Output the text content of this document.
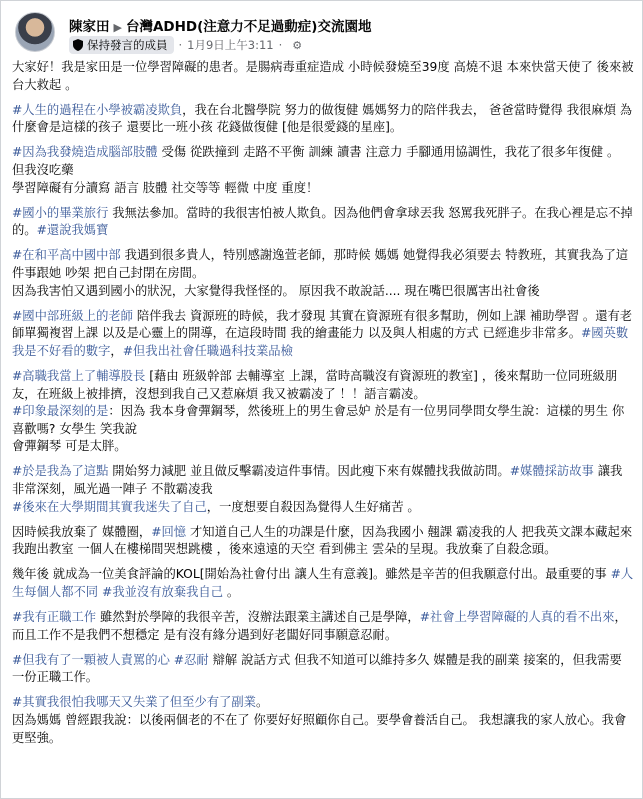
陳家田 ▶ 台灣ADHD(注意力不足過動症)交流園地
保持發言的成員 · 1月9日上午3:11 · ⚙

大家好！我是家田是一位學習障礙的患者。是腸病毒重症造成 小時候發燒至39度 高燒不退 本來快當天使了 後來被 台大救起 。

#人生的過程在小學被霸凌欺負，我在台北醫學院 努力的做復健 媽媽努力的陪伴我去， 爸爸當時覺得 我很麻煩 為什麼會是這樣的孩子 還要比一班小孩 花錢做復健 [他是很愛錢的星座]。

#因為我發燒造成腦部肢體 受傷 從跌撞到 走路不平衡 訓練 讀書 注意力 手腳通用協調性，我花了很多年復健 。 但我沒吃藥
學習障礙有分讀寫 語言 肢體 社交等等 輕微 中度 重度！

#國小的畢業旅行 我無法參加。當時的我很害怕被人欺負。因為他們會拿球丟我 怒罵我死胖子。在我心裡是忘不掉的。#還說我媽寶

#在和平高中國中部 我遇到很多貴人，特別感謝逸萱老師，那時候 媽媽 她覺得我必須要去 特教班，其實我為了這件事跟她 吵架 把自己封閉在房間。
因為我害怕又遇到國小的狀況，大家覺得我怪怪的。 原因我不敢說話.... 現在嘴巴很厲害出社會後

#國中部班級上的老師 陪伴我去 資源班的時候，我才發現 其實在資源班有很多幫助，例如上課 補助學習 。還有老師單獨複習上課 以及是心靈上的開導，在這段時間 我的繪畫能力 以及與人相處的方式 已經進步非常多。#國英數我是不好看的數字，#但我出社會任職過科技業品檢

#高職我當上了輔導股長 [藉由 班級幹部 去輔導室 上課，當時高職沒有資源班的教室] ，後來幫助一位同班級朋友，在班級上被排擠，沒想到我自己又惹麻煩 我又被霸凌了 ！！語言霸凌。
#印象最深刻的是：因為 我本身會彈鋼琴，然後班上的男生會忌妒 於是有一位男同學問女學生說：這樣的男生 你喜歡嗎? 女學生 笑我說
會彈鋼琴 可是太胖。

#於是我為了這點 開始努力減肥 並且做反擊霸凌這件事情。因此瘦下來有媒體找我做訪問。#媒體採訪故事 讓我非常深刻，風光過一陣子 不散霸凌我
#後來在大學期間其實我迷失了自己，一度想要自殺因為覺得人生好痛苦 。

因時候我放棄了 媒體圈，#回憶 才知道自己人生的功課是什麼，因為我國小 翹課 霸凌我的人 把我英文課本藏起來 我跑出教室 一個人在樓梯間哭想跳樓 ，後來遠遠的天空 看到佛主 雲朵的呈現。我放棄了自殺念頭。

幾年後 就成為一位美食評論的KOL[開始為社會付出 讓人生有意義]。雖然是辛苦的但我願意付出。最重要的事 #人生每個人都不同 #我並沒有放棄我自己 。

#我有正職工作 雖然對於學障的我很辛苦，沒辦法跟業主講述自己是學障，#社會上學習障礙的人真的看不出來，而且工作不是我們不想穩定 是有沒有緣分遇到好老闆好同事願意忍耐。

#但我有了一顆被人責罵的心 #忍耐 辯解 說話方式 但我不知道可以維持多久 媒體是我的副業 接案的，但我需要一份正職工作。

#其實我很怕我哪天又失業了但至少有了副業。
因為媽媽 曾經跟我說：以後兩個老的不在了 你要好好照顧你自己。要學會養活自己。 我想讓我的家人放心。我會更堅強。
